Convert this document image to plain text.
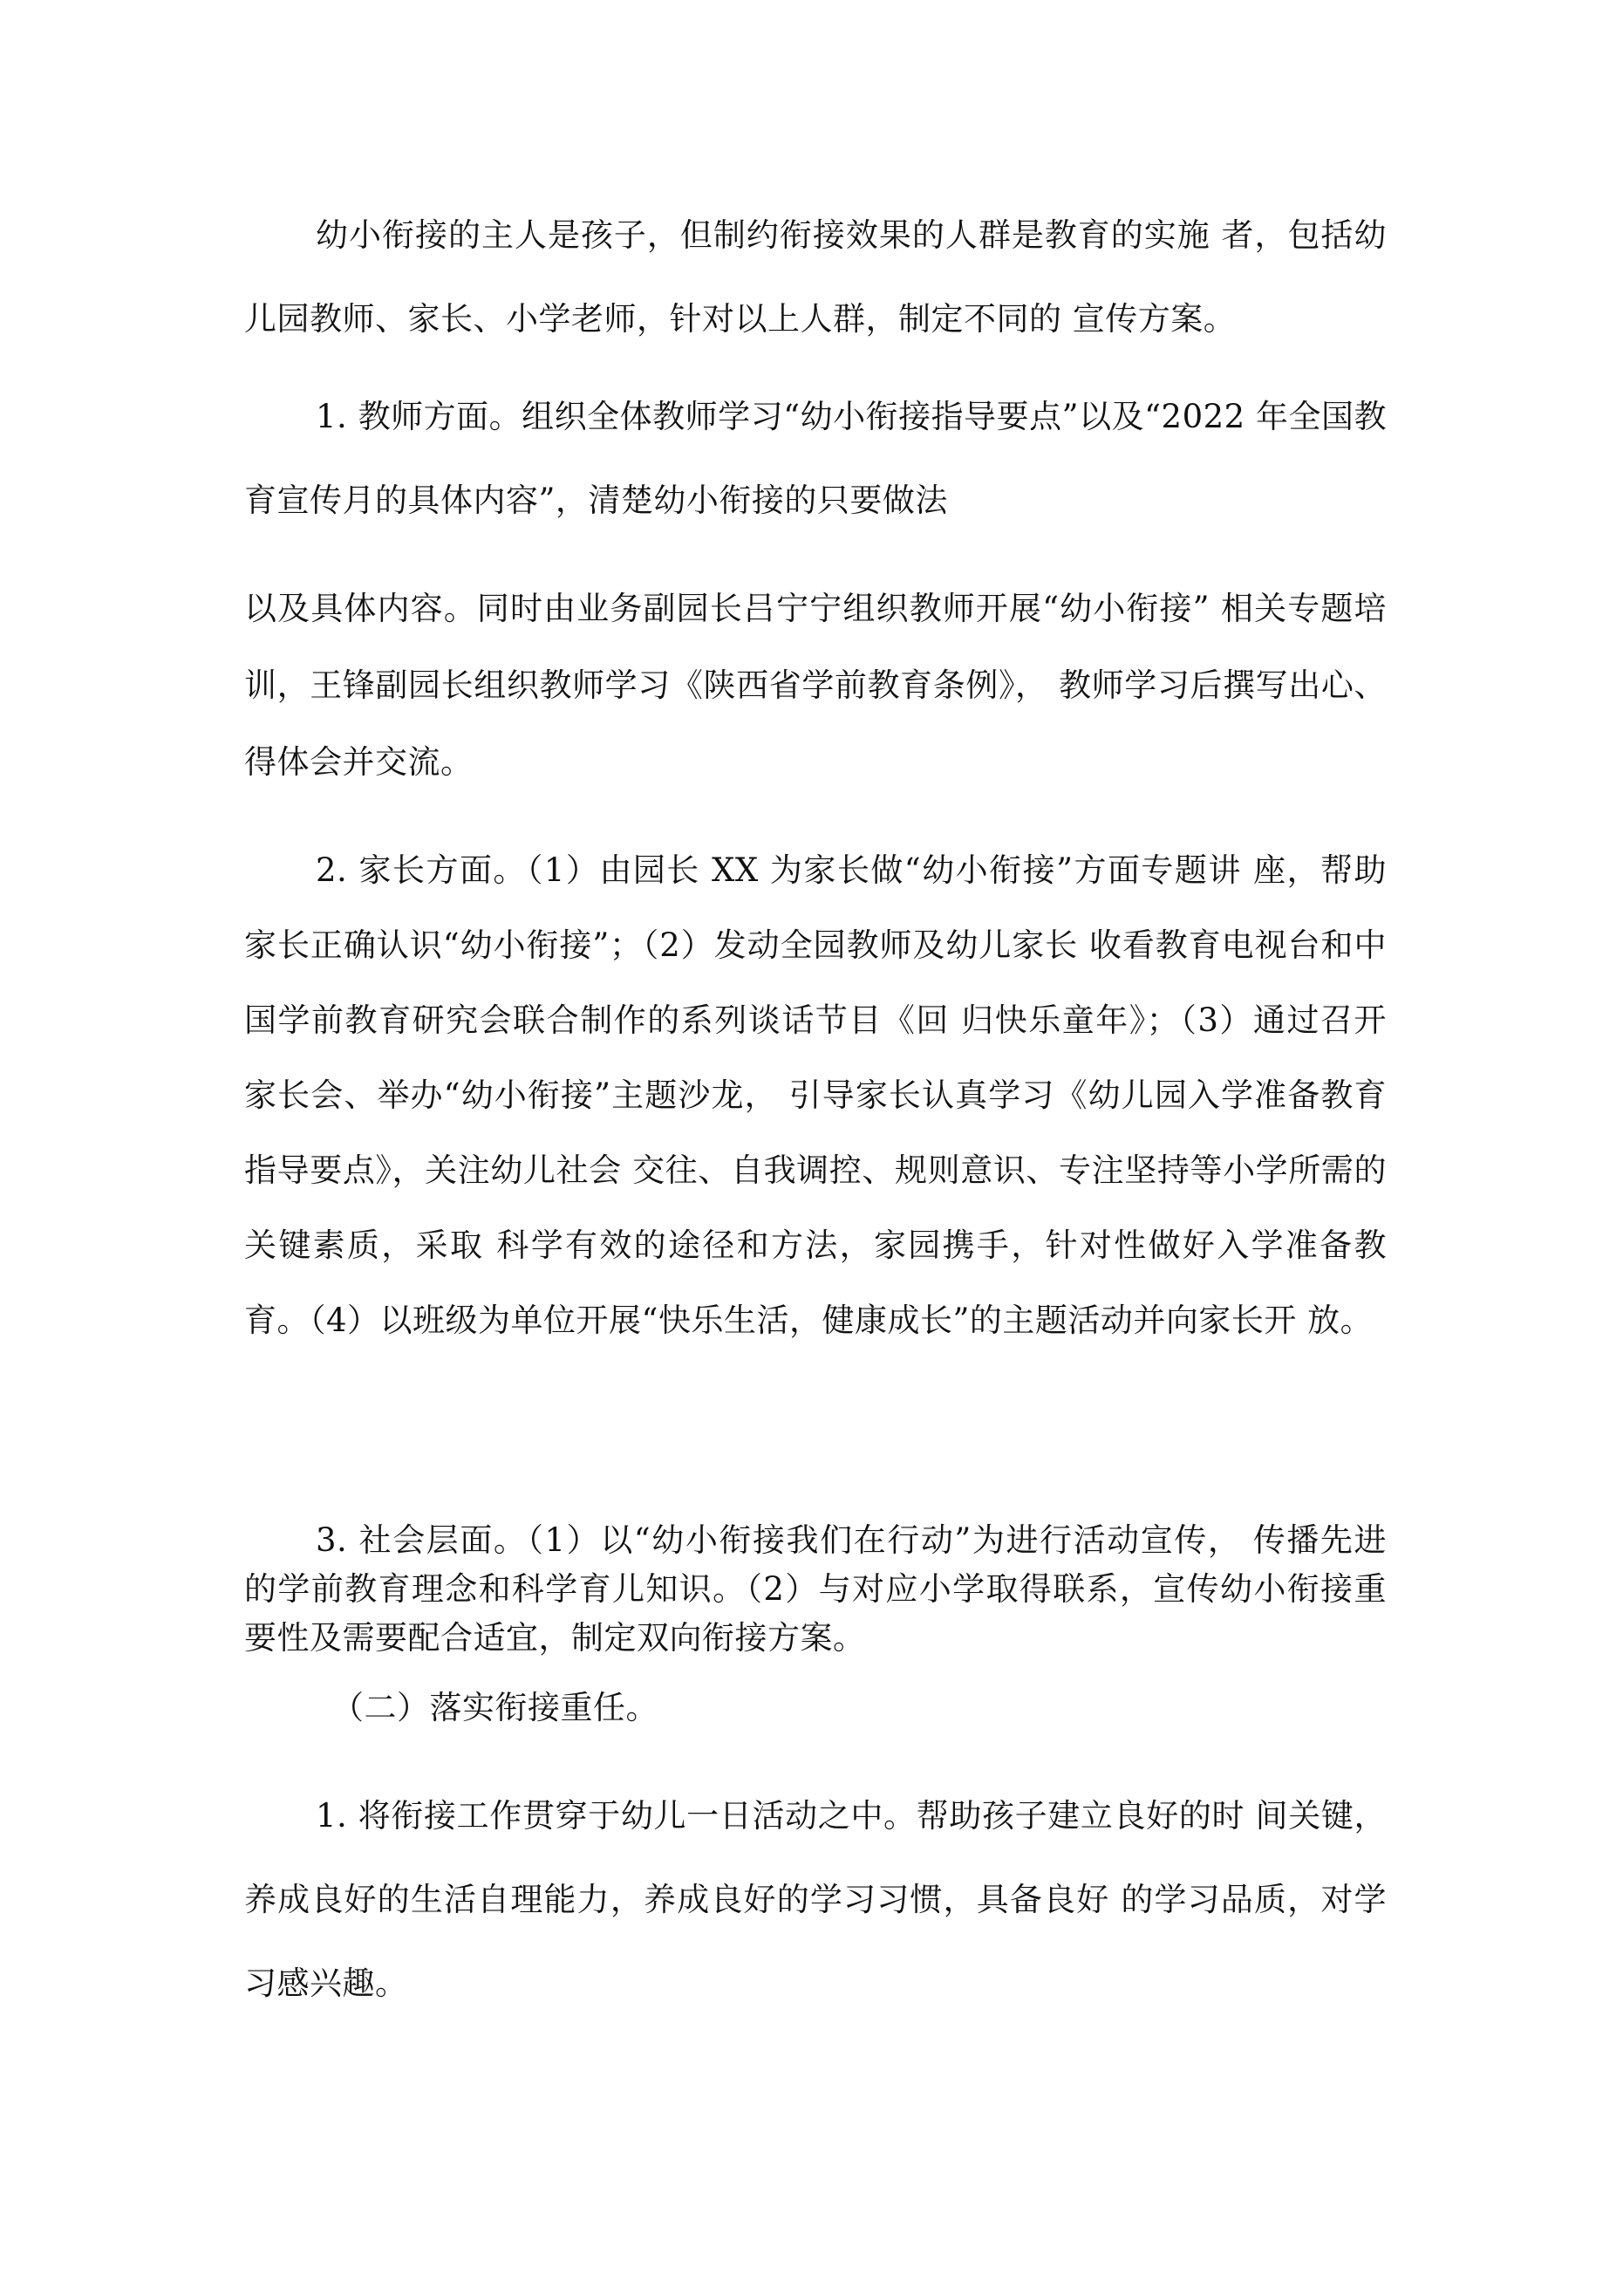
幼小衔接的主人是孩子，但制约衔接效果的人群是教育的实施 者，包括幼儿园教师、家长、小学老师，针对以上人群，制定不同的 宣传方案。

1. 教师方面。组织全体教师学习“幼小衔接指导要点”以及“2022 年全国教育宣传月的具体内容”，清楚幼小衔接的只要做法

以及具体内容。同时由业务副园长吕宁宁组织教师开展“幼小衔接” 相关专题培训，王锋副园长组织教师学习《陕西省学前教育条例》， 教师学习后撰写出心、得体会并交流。

2. 家长方面。（1）由园长 XX 为家长做“幼小衔接”方面专题讲 座，帮助家长正确认识“幼小衔接”；（2）发动全园教师及幼儿家长 收看教育电视台和中国学前教育研究会联合制作的系列谈话节目《回 归快乐童年》；（3）通过召开家长会、举办“幼小衔接”主题沙龙， 引导家长认真学习《幼儿园入学准备教育指导要点》，关注幼儿社会 交往、自我调控、规则意识、专注坚持等小学所需的关键素质，采取 科学有效的途径和方法，家园携手，针对性做好入学准备教育。（4）以班级为单位开展“快乐生活，健康成长”的主题活动并向家长开 放。

3. 社会层面。（1）以“幼小衔接我们在行动”为进行活动宣传， 传播先进的学前教育理念和科学育儿知识。（2）与对应小学取得联系，宣传幼小衔接重要性及需要配合适宜，制定双向衔接方案。

（二）落实衔接重任。

1. 将衔接工作贯穿于幼儿一日活动之中。帮助孩子建立良好的时 间关键，养成良好的生活自理能力，养成良好的学习习惯，具备良好 的学习品质，对学习感兴趣。
